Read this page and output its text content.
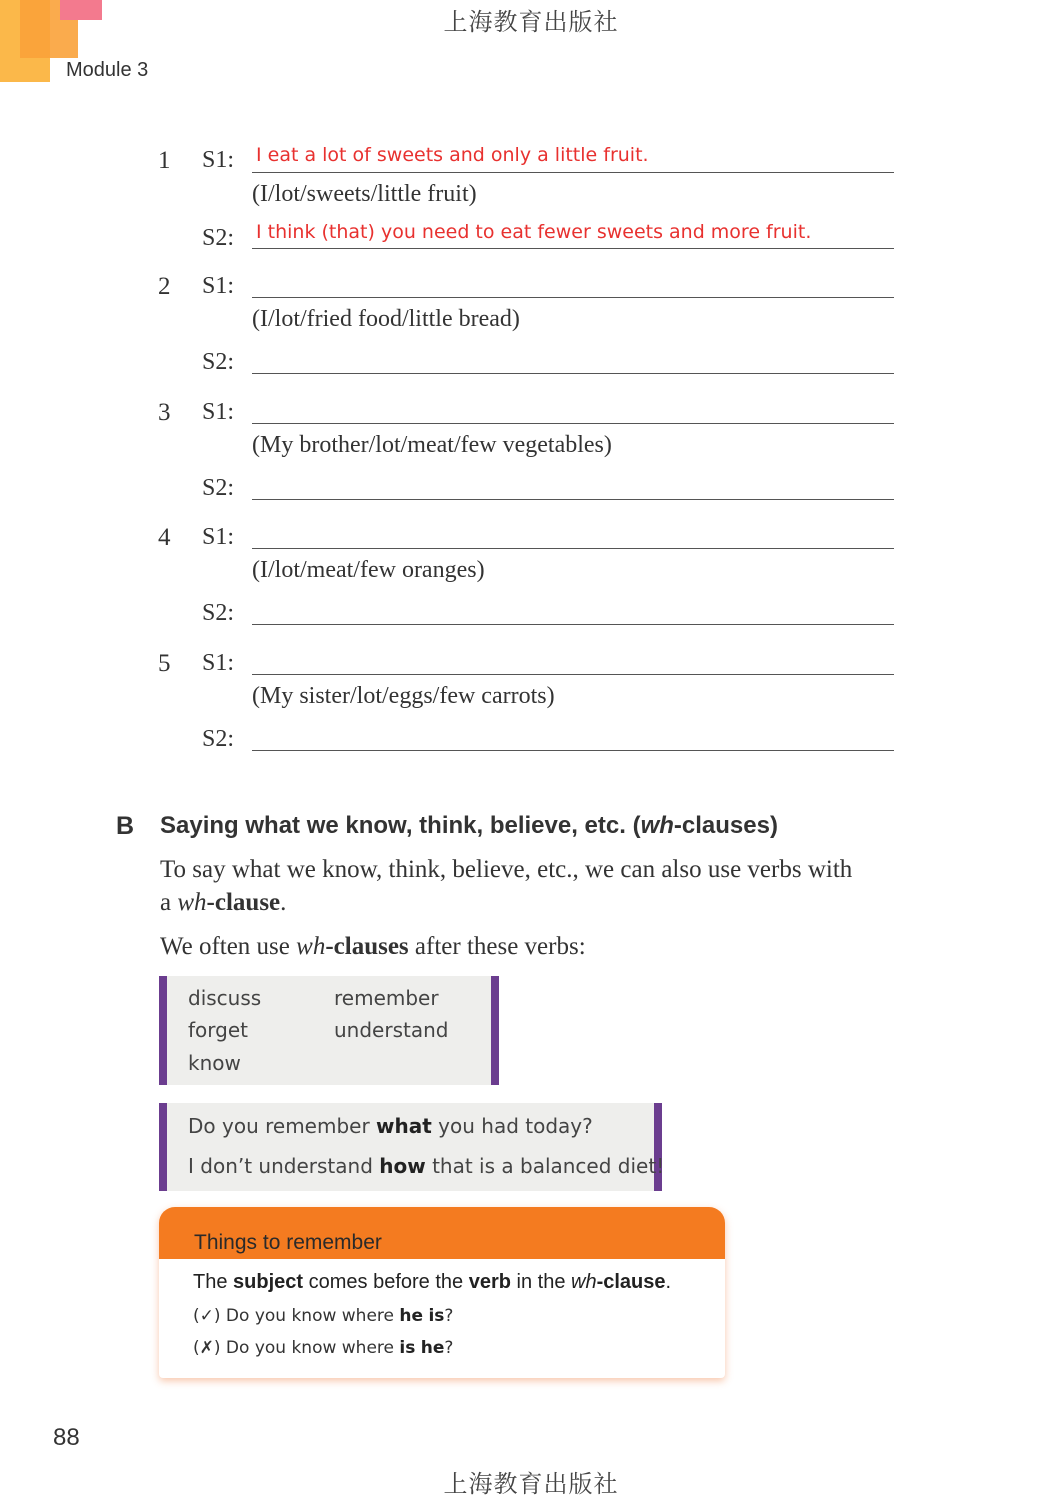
上海教育出版社
Module 3
1 S1: I eat a lot of sweets and only a little fruit.
(I/lot/sweets/little fruit)
S2: I think (that) you need to eat fewer sweets and more fruit.
2 S1:
(I/lot/fried food/little bread)
S2:
3 S1:
(My brother/lot/meat/few vegetables)
S2:
4 S1:
(I/lot/meat/few oranges)
S2:
5 S1:
(My sister/lot/eggs/few carrots)
S2:
B Saying what we know, think, believe, etc. (wh-clauses)
To say what we know, think, believe, etc., we can also use verbs with
a wh-clause.
We often use wh-clauses after these verbs:
discuss	remember
forget	understand
know
Do you remember what you had today?
I don’t understand how that is a balanced diet!
Things to remember
The subject comes before the verb in the wh-clause.
(✓) Do you know where he is?
(✗) Do you know where is he?
88
上海教育出版社
